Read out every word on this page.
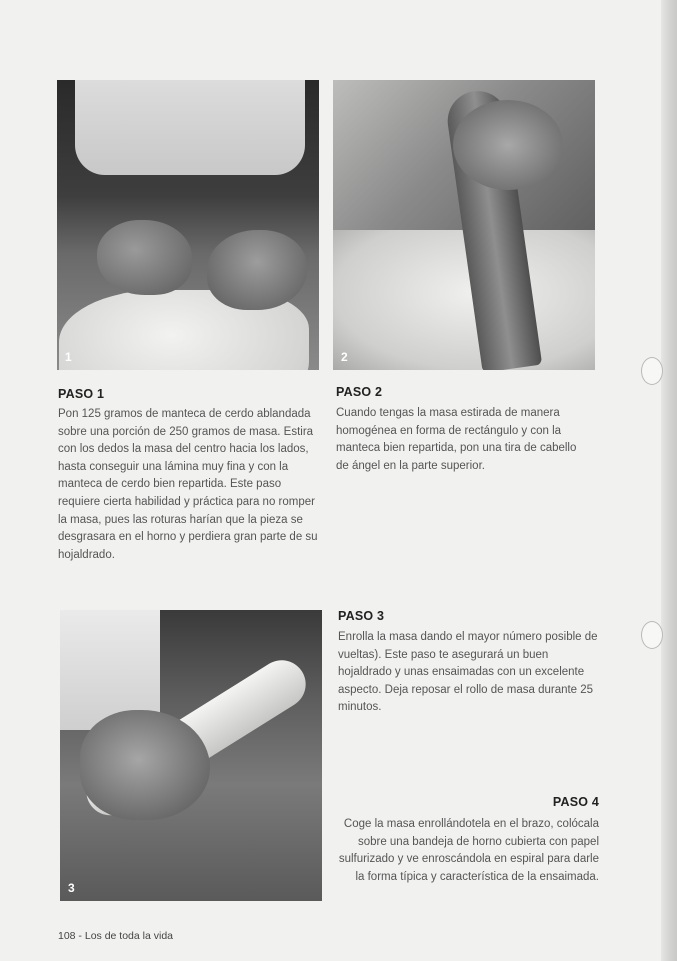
1	2
3
PASO 1
Pon 125 gramos de manteca de cerdo ablandada sobre una porción de 250 gramos de masa. Estira con los dedos la masa del centro hacia los lados, hasta conseguir una lámina muy fina y con la manteca de cerdo bien repartida. Este paso requiere cierta habilidad y práctica para no romper la masa, pues las roturas harían que la pieza se desgrasara en el horno y perdiera gran parte de su hojaldrado.
PASO 2
Cuando tengas la masa estirada de manera homogénea en forma de rectángulo y con la manteca bien repartida, pon una tira de cabello de ángel en la parte superior.
PASO 3
Enrolla la masa dando el mayor número posible de vueltas). Este paso te asegurará un buen hojaldrado y unas ensaimadas con un excelente aspecto. Deja reposar el rollo de masa durante 25 minutos.
PASO 4
Coge la masa enrollándotela en el brazo, colócala sobre una bandeja de horno cubierta con papel sulfurizado y ve enroscándola en espiral para darle la forma típica y característica de la ensaimada.
108 - Los de toda la vida
